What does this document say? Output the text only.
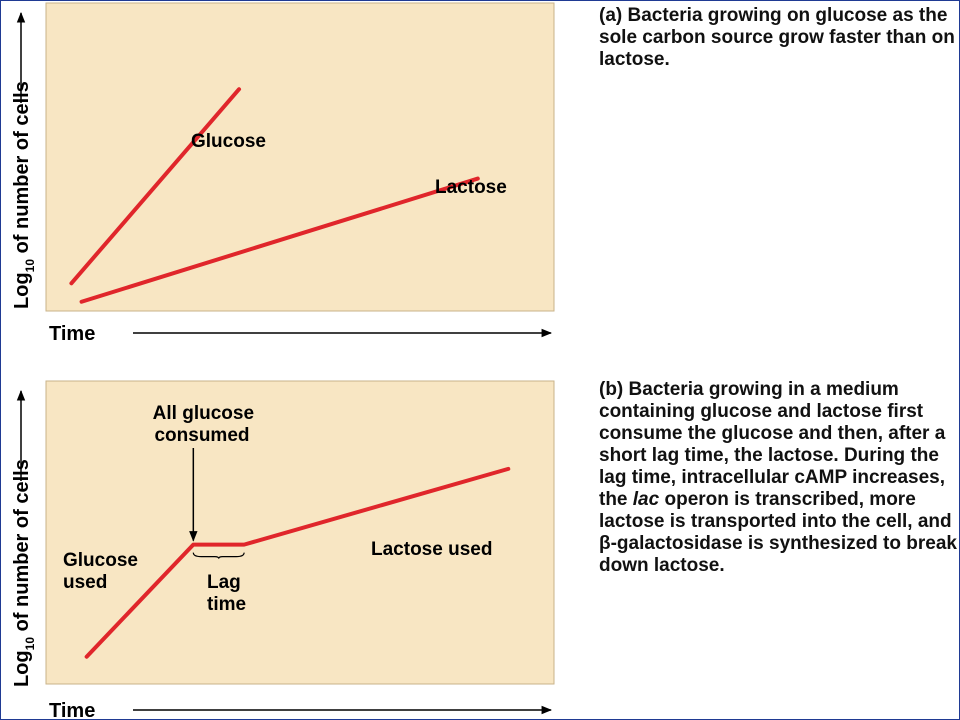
Glucose
Lactose
Time
Log$_{10}$ of number of cells
All glucose consumed
Glucose used	Lag time
Lactose used
Time
Log$_{10}$ of number of cells

(a) Bacteria growing on glucose as the sole carbon source grow faster than on lactose.

(b) Bacteria growing in a medium containing glucose and lactose first consume the glucose and then, after a short lag time, the lactose. During the lag time, intracellular cAMP increases, the lac operon is transcribed, more lactose is transported into the cell, and β-galactosidase is synthesized to break down lactose.
